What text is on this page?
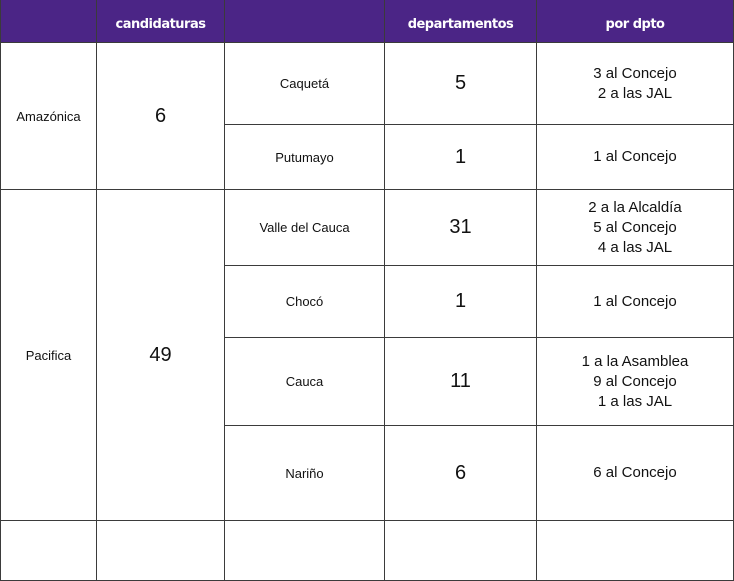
	candidaturas		departamentos	por dpto
Amazónica	6	Caquetá	5	3 al Concejo
2 a las JAL

		Putumayo	1	1 al Concejo

Pacifica	49	Valle del Cauca	31	2 a la Alcaldía
5 al Concejo
4 a las JAL

		Chocó	1	1 al Concejo

		Cauca	11	1 a la Asamblea
9 al Concejo
1 a las JAL

		Nariño	6	6 al Concejo
